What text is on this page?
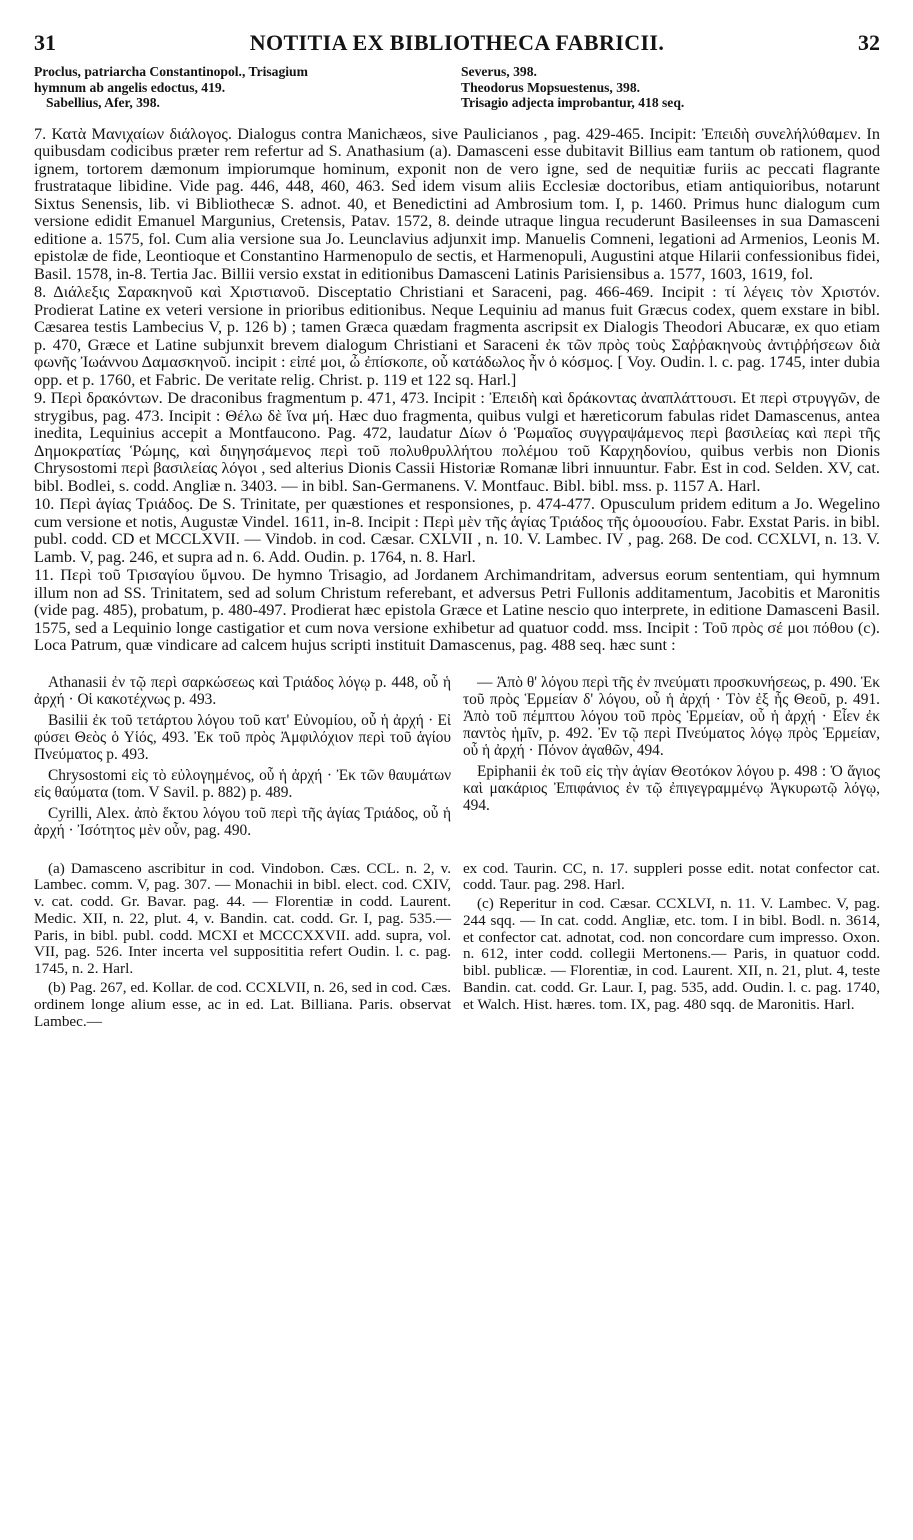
31	NOTITIA EX BIBLIOTHECA FABRICII.	32
Proclus, patriarcha Constantinopol., Trisagium
hymnum ab angelis edoctus, 419.
Sabellius, Afer, 398.
Severus, 398.
Theodorus Mopsuestenus, 398.
Trisagio adjecta improbantur, 418 seq.

7. Κατὰ Μανιχαίων διάλογος. Dialogus contra Manichæos, sive Paulicianos , pag. 429-465. Incipit: Ἐπειδὴ συνελήλύθαμεν. In quibusdam codicibus præter rem refertur ad S. Anathasium (a). Damasceni esse dubitavit Billius eam tantum ob rationem, quod ignem, tortorem dæmonum impiorumque hominum, exponit non de vero igne, sed de nequitiæ furiis ac peccati flagrante frustrataque libidine. Vide pag. 446, 448, 460, 463. Sed idem visum aliis Ecclesiæ doctoribus, etiam antiquioribus, notarunt Sixtus Senensis, lib. vi Bibliothecæ S. adnot. 40, et Benedictini ad Ambrosium tom. I, p. 1460. Primus hunc dialogum cum versione edidit Emanuel Margunius, Cretensis, Patav. 1572, 8. deinde utraque lingua recuderunt Basileenses in sua Damasceni editione a. 1575, fol. Cum alia versione sua Jo. Leunclavius adjunxit imp. Manuelis Comneni, legationi ad Armenios, Leonis M. epistolæ de fide, Leontioque et Constantino Harmenopulo de sectis, et Harmenopuli, Augustini atque Hilarii confessionibus fidei, Basil. 1578, in-8. Tertia Jac. Billii versio exstat in editionibus Damasceni Latinis Parisiensibus a. 1577, 1603, 1619, fol.

8. Διάλεξις Σαρακηνοῦ καὶ Χριστιανοῦ. Disceptatio Christiani et Saraceni, pag. 466-469. Incipit : τί λέγεις τὸν Χριστόν. Prodierat Latine ex veteri versione in prioribus editionibus. Neque Lequiniu ad manus fuit Græcus codex, quem exstare in bibl. Cæsarea testis Lambecius V, p. 126 b) ; tamen Græca quædam fragmenta ascripsit ex Dialogis Theodori Abucaræ, ex quo etiam p. 470, Græce et Latine subjunxit brevem dialogum Christiani et Saraceni ἐκ τῶν πρὸς τοὺς Σαῤῥακηνοὺς ἀντιῤῥήσεων διὰ φωνῆς Ἰωάννου Δαμασκηνοῦ. incipit : εἰπέ μοι, ὦ ἐπίσκοπε, οὗ κατάδωλος ἦν ὁ κόσμος. [ Voy. Oudin. l. c. pag. 1745, inter dubia opp. et p. 1760, et Fabric. De veritate relig. Christ. p. 119 et 122 sq. Harl.]

9. Περὶ δρακόντων. De draconibus fragmentum p. 471, 473. Incipit : Ἐπειδὴ καὶ δράκοντας ἀναπλάττουσι. Et περὶ στρυγγῶν, de strygibus, pag. 473. Incipit : Θέλω δὲ ἵνα μή. Hæc duo fragmenta, quibus vulgi et hæreticorum fabulas ridet Damascenus, antea inedita, Lequinius accepit a Montfaucono. Pag. 472, laudatur Δίων ὁ Ῥωμαῖος συγγραψάμενος περὶ βασιλείας καὶ περὶ τῆς Δημοκρατίας Ῥώμης, καὶ διηγησάμενος περὶ τοῦ πολυθρυλλήτου πολέμου τοῦ Καρχηδονίου, quibus verbis non Dionis Chrysostomi περὶ βασιλείας λόγοι , sed alterius Dionis Cassii Historiæ Romanæ libri innuuntur. Fabr. Est in cod. Selden. XV, cat. bibl. Bodlei, s. codd. Angliæ n. 3403. — in bibl. San-Germanens. V. Montfauc. Bibl. bibl. mss. p. 1157 A. Harl.

10. Περὶ ἁγίας Τριάδος. De S. Trinitate, per quæstiones et responsiones, p. 474-477. Opusculum pridem editum a Jo. Wegelino cum versione et notis, Augustæ Vindel. 1611, in-8. Incipit : Περὶ μὲν τῆς ἁγίας Τριάδος τῆς ὁμοουσίου. Fabr. Exstat Paris. in bibl. publ. codd. CD et MCCLXVII. — Vindob. in cod. Cæsar. CXLVII , n. 10. V. Lambec. IV , pag. 268. De cod. CCXLVI, n. 13. V. Lamb. V, pag. 246, et supra ad n. 6. Add. Oudin. p. 1764, n. 8. Harl.

11. Περὶ τοῦ Τρισαγίου ὕμνου. De hymno Trisagio, ad Jordanem Archimandritam, adversus eorum sententiam, qui hymnum illum non ad SS. Trinitatem, sed ad solum Christum referebant, et adversus Petri Fullonis additamentum, Jacobitis et Maronitis (vide pag. 485), probatum, p. 480-497. Prodierat hæc epistola Græce et Latine nescio quo interprete, in editione Damasceni Basil. 1575, sed a Lequinio longe castigatior et cum nova versione exhibetur ad quatuor codd. mss. Incipit : Τοῦ πρὸς σέ μοι πόθου (c). Loca Patrum, quæ vindicare ad calcem hujus scripti instituit Damascenus, pag. 488 seq. hæc sunt :

Athanasii ἐν τῷ περὶ σαρκώσεως καὶ Τριάδος λόγῳ p. 448, οὗ ἡ ἀρχή · Οἱ κακοτέχνως p. 493.

Basilii ἐκ τοῦ τετάρτου λόγου τοῦ κατ' Εὐνομίου, οὗ ἡ ἀρχή · Εἰ φύσει Θεὸς ὁ Υἱός, 493. Ἐκ τοῦ πρὸς Ἀμφιλόχιον περὶ τοῦ ἁγίου Πνεύματος p. 493.

Chrysostomi εἰς τὸ εὐλογημένος, οὗ ἡ ἀρχή · Ἐκ τῶν θαυμάτων εἰς θαύματα (tom. V Savil. p. 882) p. 489.

Cyrilli, Alex. ἀπὸ ἕκτου λόγου τοῦ περὶ τῆς ἁγίας Τριάδος, οὗ ἡ ἀρχή · Ἰσότητος μὲν οὖν, pag. 490.

— Ἀπὸ θ' λόγου περὶ τῆς ἐν πνεύματι προσκυνήσεως, p. 490. Ἐκ τοῦ πρὸς Ἑρμείαν δ' λόγου, οὗ ἡ ἀρχή · Τὸν ἐξ ἧς Θεοῦ, p. 491. Ἀπὸ τοῦ πέμπτου λόγου τοῦ πρὸς Ἑρμείαν, οὗ ἡ ἀρχή · Εἶεν ἐκ παντὸς ἡμῖν, p. 492. Ἐν τῷ περὶ Πνεύματος λόγῳ πρὸς Ἑρμείαν, οὗ ἡ ἀρχή · Πόνον ἀγαθῶν, 494.

Epiphanii ἐκ τοῦ εἰς τὴν ἁγίαν Θεοτόκον λόγου p. 498 : Ὁ ἅγιος καὶ μακάριος Ἐπιφάνιος ἐν τῷ ἐπιγεγραμμένῳ Ἀγκυρωτῷ λόγῳ, 494.

(a) Damasceno ascribitur in cod. Vindobon. Cæs. CCL. n. 2, v. Lambec. comm. V, pag. 307. — Monachii in bibl. elect. cod. CXIV, v. cat. codd. Gr. Bavar. pag. 44. — Florentiæ in codd. Laurent. Medic. XII, n. 22, plut. 4, v. Bandin. cat. codd. Gr. I, pag. 535.— Paris, in bibl. publ. codd. MCXI et MCCCXXVII. add. supra, vol. VII, pag. 526. Inter incerta vel supposititia refert Oudin. l. c. pag. 1745, n. 2. Harl.

(b) Pag. 267, ed. Kollar. de cod. CCXLVII, n. 26, sed in cod. Cæs. ordinem longe alium esse, ac in ed. Lat. Billiana. Paris. observat Lambec.—

ex cod. Taurin. CC, n. 17. suppleri posse edit. notat confector cat. codd. Taur. pag. 298. Harl.

(c) Reperitur in cod. Cæsar. CCXLVI, n. 11. V. Lambec. V, pag. 244 sqq. — In cat. codd. Angliæ, etc. tom. I in bibl. Bodl. n. 3614, et confector cat. adnotat, cod. non concordare cum impresso. Oxon. n. 612, inter codd. collegii Mertonens.— Paris, in quatuor codd. bibl. publicæ. — Florentiæ, in cod. Laurent. XII, n. 21, plut. 4, teste Bandin. cat. codd. Gr. Laur. I, pag. 535, add. Oudin. l. c. pag. 1740, et Walch. Hist. hæres. tom. IX, pag. 480 sqq. de Maronitis. Harl.
